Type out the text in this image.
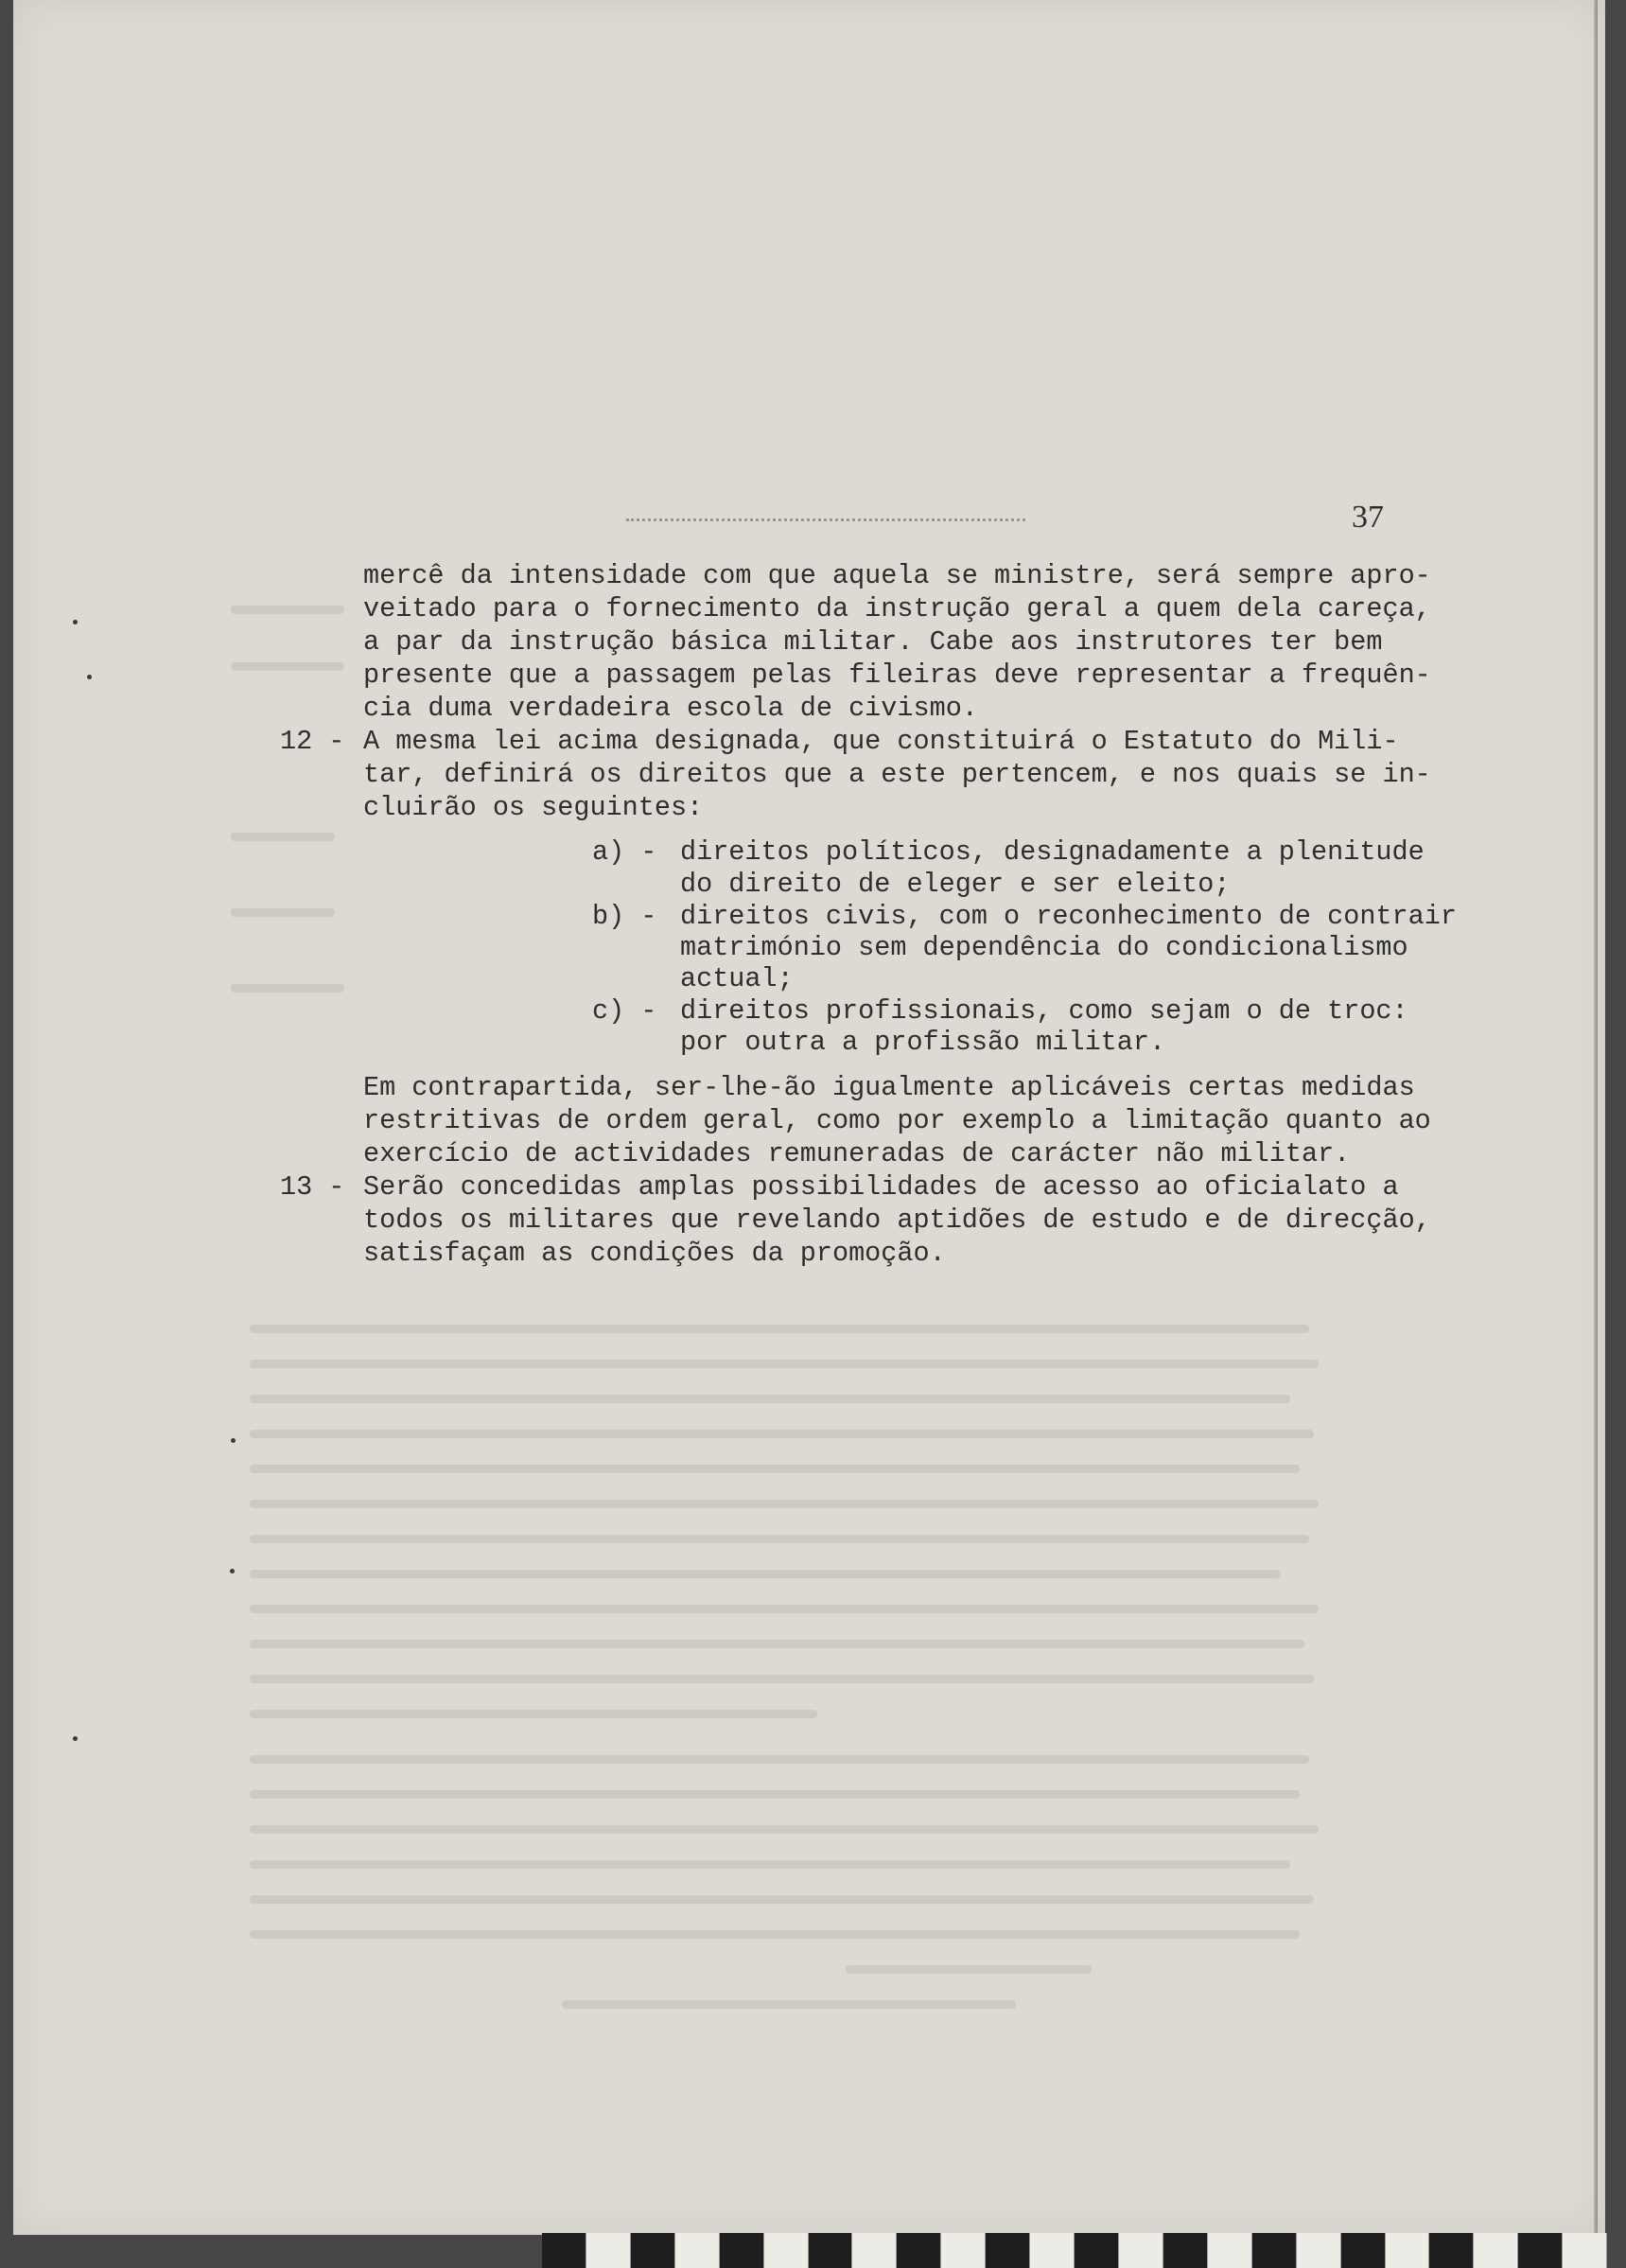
37

mercê da intensidade com que aquela se ministre, será sempre apro-

veitado para o fornecimento da instrução geral a quem dela careça,

a par da instrução básica militar. Cabe aos instrutores ter bem

presente que a passagem pelas fileiras deve representar a frequên-

cia duma verdadeira escola de civismo.

12 -

A mesma lei acima designada, que constituirá o Estatuto do Mili-

tar, definirá os direitos que a este pertencem, e nos quais se in-

cluirão os seguintes:

a) -

direitos políticos, designadamente a plenitude

do direito de eleger e ser eleito;

b) -

direitos civis, com o reconhecimento de contrair

matrimónio sem dependência do condicionalismo

actual;

c) -

direitos profissionais, como sejam o de troc:

por outra a profissão militar.

Em contrapartida, ser-lhe-ão igualmente aplicáveis certas medidas

restritivas de ordem geral, como por exemplo a limitação quanto ao

exercício de actividades remuneradas de carácter não militar.

13 -

Serão concedidas amplas possibilidades de acesso ao oficialato a

todos os militares que revelando aptidões de estudo e de direcção,

satisfaçam as condições da promoção.
